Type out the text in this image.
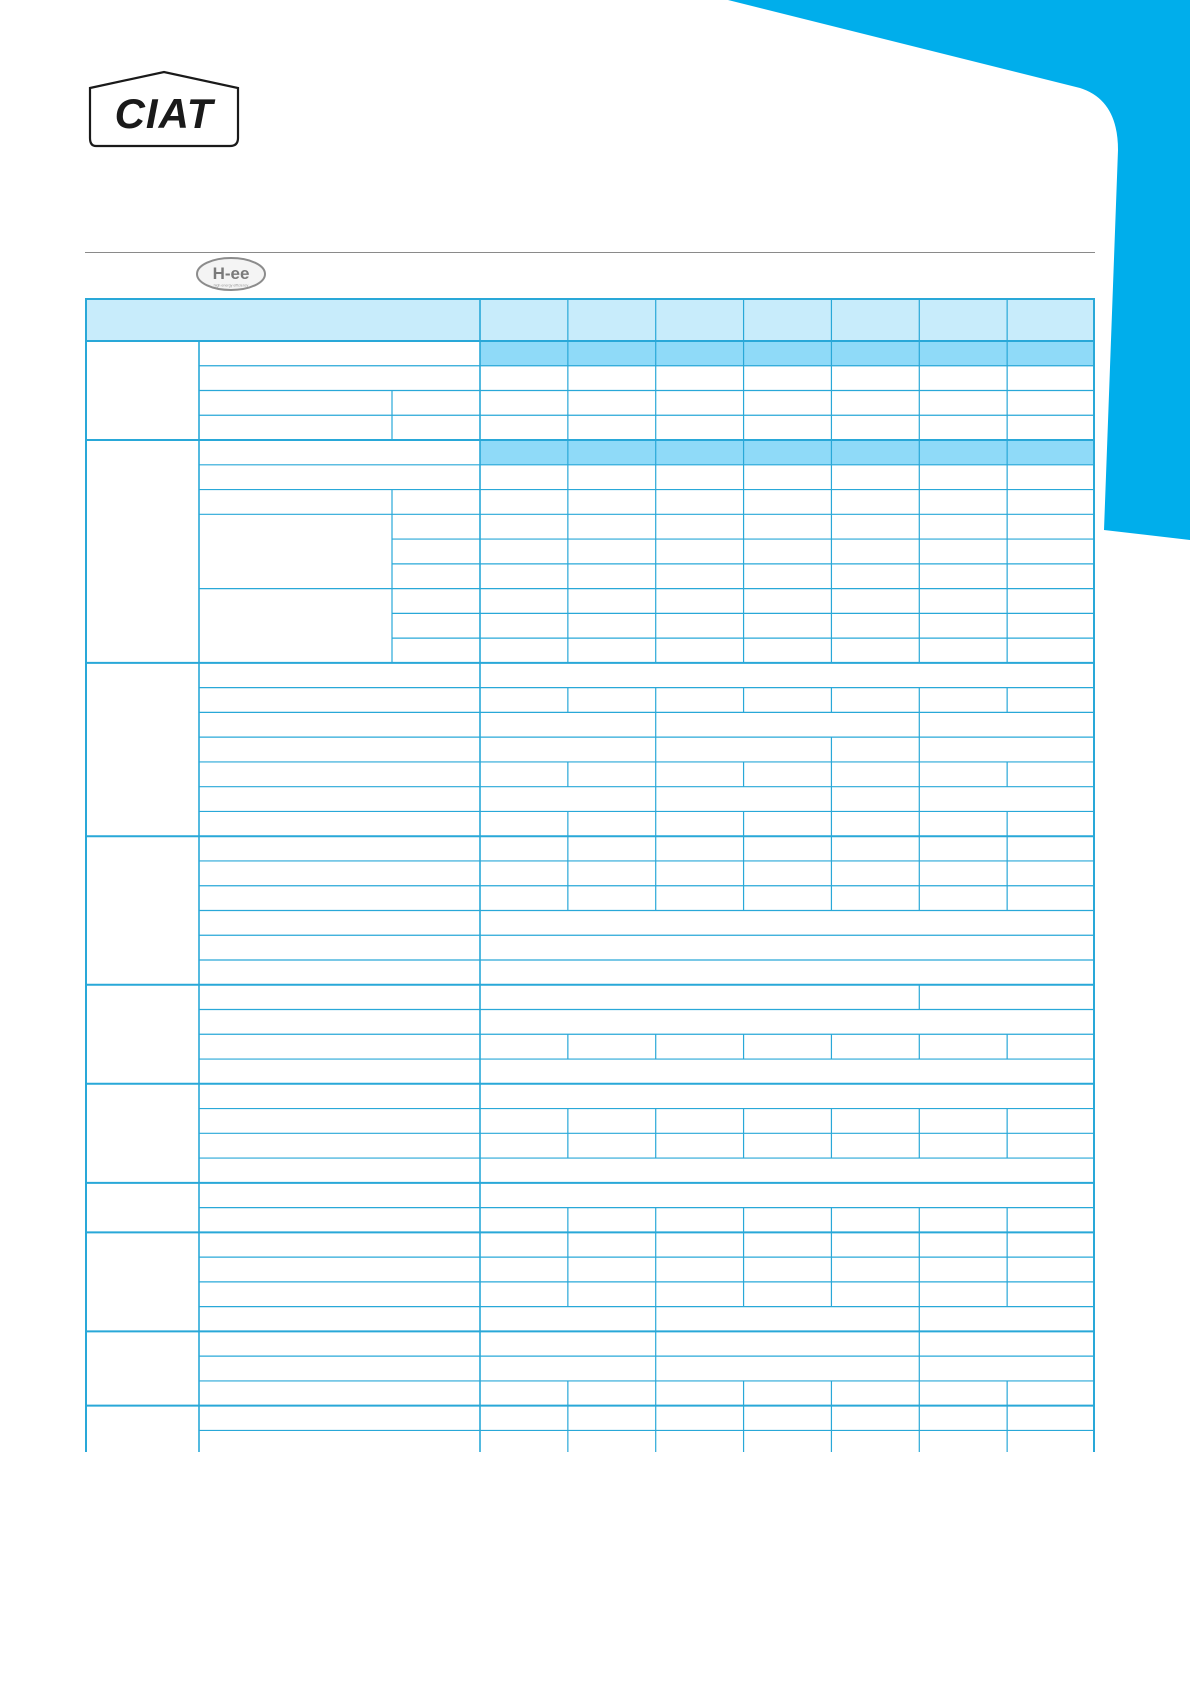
CIAT
H-ee
high energy efficiency
